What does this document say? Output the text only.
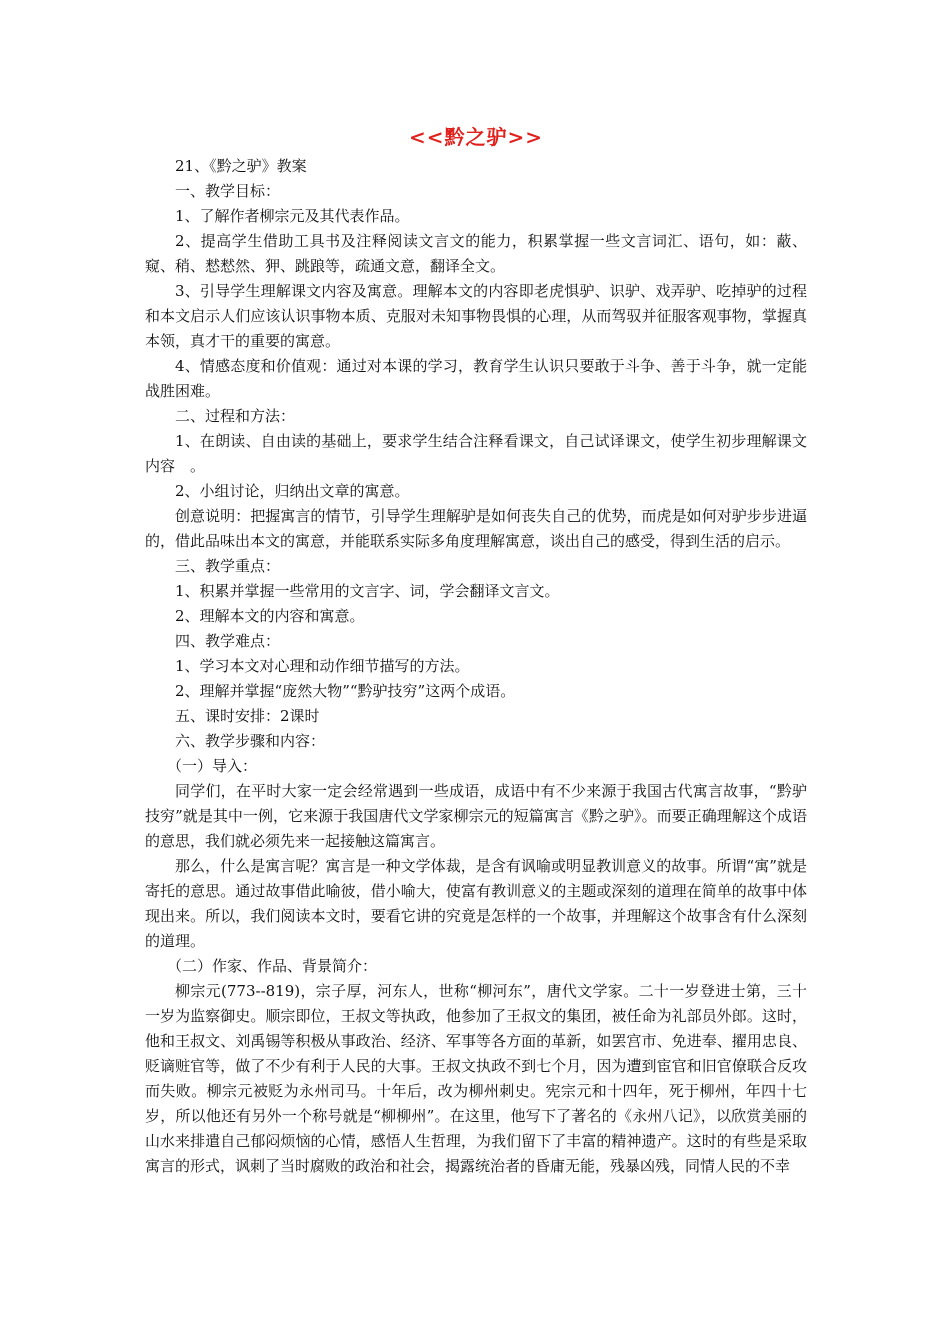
<<黔之驴>>

21、《黔之驴》教案

一、教学目标：

1、了解作者柳宗元及其代表作品。

2、提高学生借助工具书及注释阅读文言文的能力，积累掌握一些文言词汇、语句，如：蔽、窥、稍、慭慭然、狎、跳踉等，疏通文意，翻译全文。

3、引导学生理解课文内容及寓意。理解本文的内容即老虎惧驴、识驴、戏弄驴、吃掉驴的过程和本文启示人们应该认识事物本质、克服对未知事物畏惧的心理，从而驾驭并征服客观事物，掌握真本领，真才干的重要的寓意。

4、情感态度和价值观：通过对本课的学习，教育学生认识只要敢于斗争、善于斗争，就一定能战胜困难。

二、过程和方法：

1、在朗读、自由读的基础上，要求学生结合注释看课文，自己试译课文，使学生初步理解课文内容　。

2、小组讨论，归纳出文章的寓意。

创意说明：把握寓言的情节，引导学生理解驴是如何丧失自己的优势，而虎是如何对驴步步进逼的，借此品味出本文的寓意，并能联系实际多角度理解寓意，谈出自己的感受，得到生活的启示。

三、教学重点：

1、积累并掌握一些常用的文言字、词，学会翻译文言文。

2、理解本文的内容和寓意。

四、教学难点：

1、学习本文对心理和动作细节描写的方法。

2、理解并掌握“庞然大物”“黔驴技穷”这两个成语。

五、课时安排：2课时

六、教学步骤和内容：

（一）导入：

同学们，在平时大家一定会经常遇到一些成语，成语中有不少来源于我国古代寓言故事，“黔驴技穷”就是其中一例，它来源于我国唐代文学家柳宗元的短篇寓言《黔之驴》。而要正确理解这个成语的意思，我们就必须先来一起接触这篇寓言。

那么，什么是寓言呢？寓言是一种文学体裁，是含有讽喻或明显教训意义的故事。所谓“寓”就是寄托的意思。通过故事借此喻彼，借小喻大，使富有教训意义的主题或深刻的道理在简单的故事中体现出来。所以，我们阅读本文时，要看它讲的究竟是怎样的一个故事，并理解这个故事含有什么深刻的道理。

（二）作家、作品、背景简介：

柳宗元(773--819)，宗子厚，河东人，世称“柳河东”，唐代文学家。二十一岁登进士第，三十一岁为监察御史。顺宗即位，王叔文等执政，他参加了王叔文的集团，被任命为礼部员外郎。这时，他和王叔文、刘禹锡等积极从事政治、经济、军事等各方面的革新，如罢宫市、免进奉、擢用忠良、贬谪赃官等，做了不少有利于人民的大事。王叔文执政不到七个月，因为遭到宦官和旧官僚联合反攻而失败。柳宗元被贬为永州司马。十年后，改为柳州刺史。宪宗元和十四年，死于柳州，年四十七岁，所以他还有另外一个称号就是“柳柳州”。在这里，他写下了著名的《永州八记》，以欣赏美丽的山水来排遣自己郁闷烦恼的心情，感悟人生哲理，为我们留下了丰富的精神遗产。这时的有些是采取寓言的形式，讽刺了当时腐败的政治和社会，揭露统治者的昏庸无能，残暴凶残，同情人民的不幸
